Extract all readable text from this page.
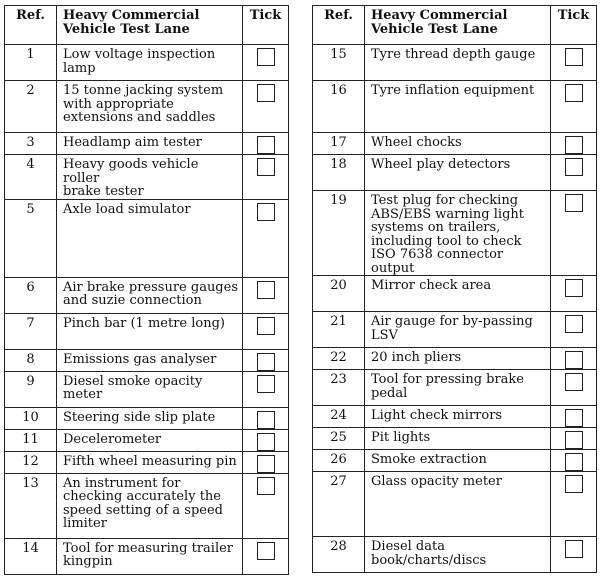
Ref.	Heavy Commercial
Vehicle Test Lane	Tick
1	Low voltage inspection
lamp	

2	15 tonne jacking system
with appropriate
extensions and saddles	

3	Headlamp aim tester	

4	Heavy goods vehicle roller
brake tester	

5	Axle load simulator	

6	Air brake pressure gauges
and suzie connection	

7	Pinch bar (1 metre long)	

8	Emissions gas analyser	

9	Diesel smoke opacity
meter	

10	Steering side slip plate	

11	Decelerometer	

12	Fifth wheel measuring pin	

13	An instrument for
checking accurately the
speed setting of a speed
limiter	

14	Tool for measuring trailer
kingpin	

Ref.	Heavy Commercial
Vehicle Test Lane	Tick
15	Tyre thread depth gauge	

16	Tyre inflation equipment	

17	Wheel chocks	

18	Wheel play detectors	

19	Test plug for checking
ABS/EBS warning light
systems on trailers,
including tool to check
ISO 7638 connector output	

20	Mirror check area	

21	Air gauge for by-passing
LSV	

22	20 inch pliers	

23	Tool for pressing brake
pedal	

24	Light check mirrors	

25	Pit lights	

26	Smoke extraction	

27	Glass opacity meter	

28	Diesel data
book/charts/discs	
